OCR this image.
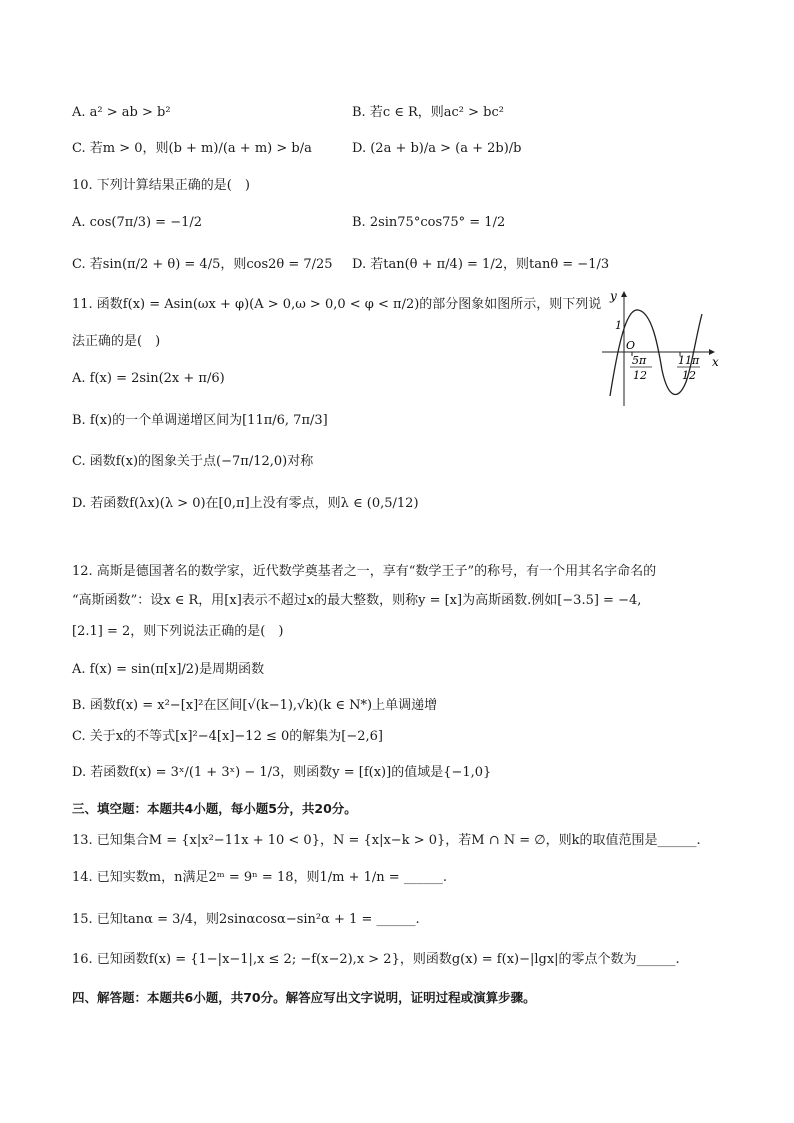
A. a² > ab > b²	B. 若c ∈ R，则ac² > bc²
C. 若m > 0，则(b + m)/(a + m) > b/a	D. (2a + b)/a > (a + 2b)/b
10. 下列计算结果正确的是(　)
A. cos(7π/3) = −1/2	B. 2sin75°cos75° = 1/2
C. 若sin(π/2 + θ) = 4/5，则cos2θ = 7/25 D. 若tan(θ + π/4) = 1/2，则tanθ = −1/3
11. 函数f(x) = Asin(ωx + φ)(A > 0,ω > 0,0 < φ < π/2)的部分图象如图所示，则下列说
法正确的是(　)
A. f(x) = 2sin(2x + π/6)
B. f(x)的一个单调递增区间为[11π/6, 7π/3]
C. 函数f(x)的图象关于点(−7π/12,0)对称
D. 若函数f(λx)(λ > 0)在[0,π]上没有零点，则λ ∈ (0,5/12)
y
x
O
1
5π
12
11π
12
12. 高斯是德国著名的数学家，近代数学奠基者之一，享有“数学王子”的称号，有一个用其名字命名的
“高斯函数”：设x ∈ R，用[x]表示不超过x的最大整数，则称y = [x]为高斯函数.例如[−3.5] = −4,
[2.1] = 2，则下列说法正确的是(　)
A. f(x) = sin(π[x]/2)是周期函数
B. 函数f(x) = x²−[x]²在区间[√(k−1),√k)(k ∈ N*)上单调递增
C. 关于x的不等式[x]²−4[x]−12 ≤ 0的解集为[−2,6]
D. 若函数f(x) = 3ˣ/(1 + 3ˣ) − 1/3，则函数y = [f(x)]的值域是{−1,0}
三、填空题：本题共4小题，每小题5分，共20分。
13. 已知集合M = {x|x²−11x + 10 < 0}，N = {x|x−k > 0}，若M ∩ N = ∅，则k的取值范围是______.
14. 已知实数m，n满足2ᵐ = 9ⁿ = 18，则1/m + 1/n = ______.
15. 已知tanα = 3/4，则2sinαcosα−sin²α + 1 = ______.
16. 已知函数f(x) = {1−|x−1|,x ≤ 2; −f(x−2),x > 2}，则函数g(x) = f(x)−|lgx|的零点个数为______.
四、解答题：本题共6小题，共70分。解答应写出文字说明，证明过程或演算步骤。
